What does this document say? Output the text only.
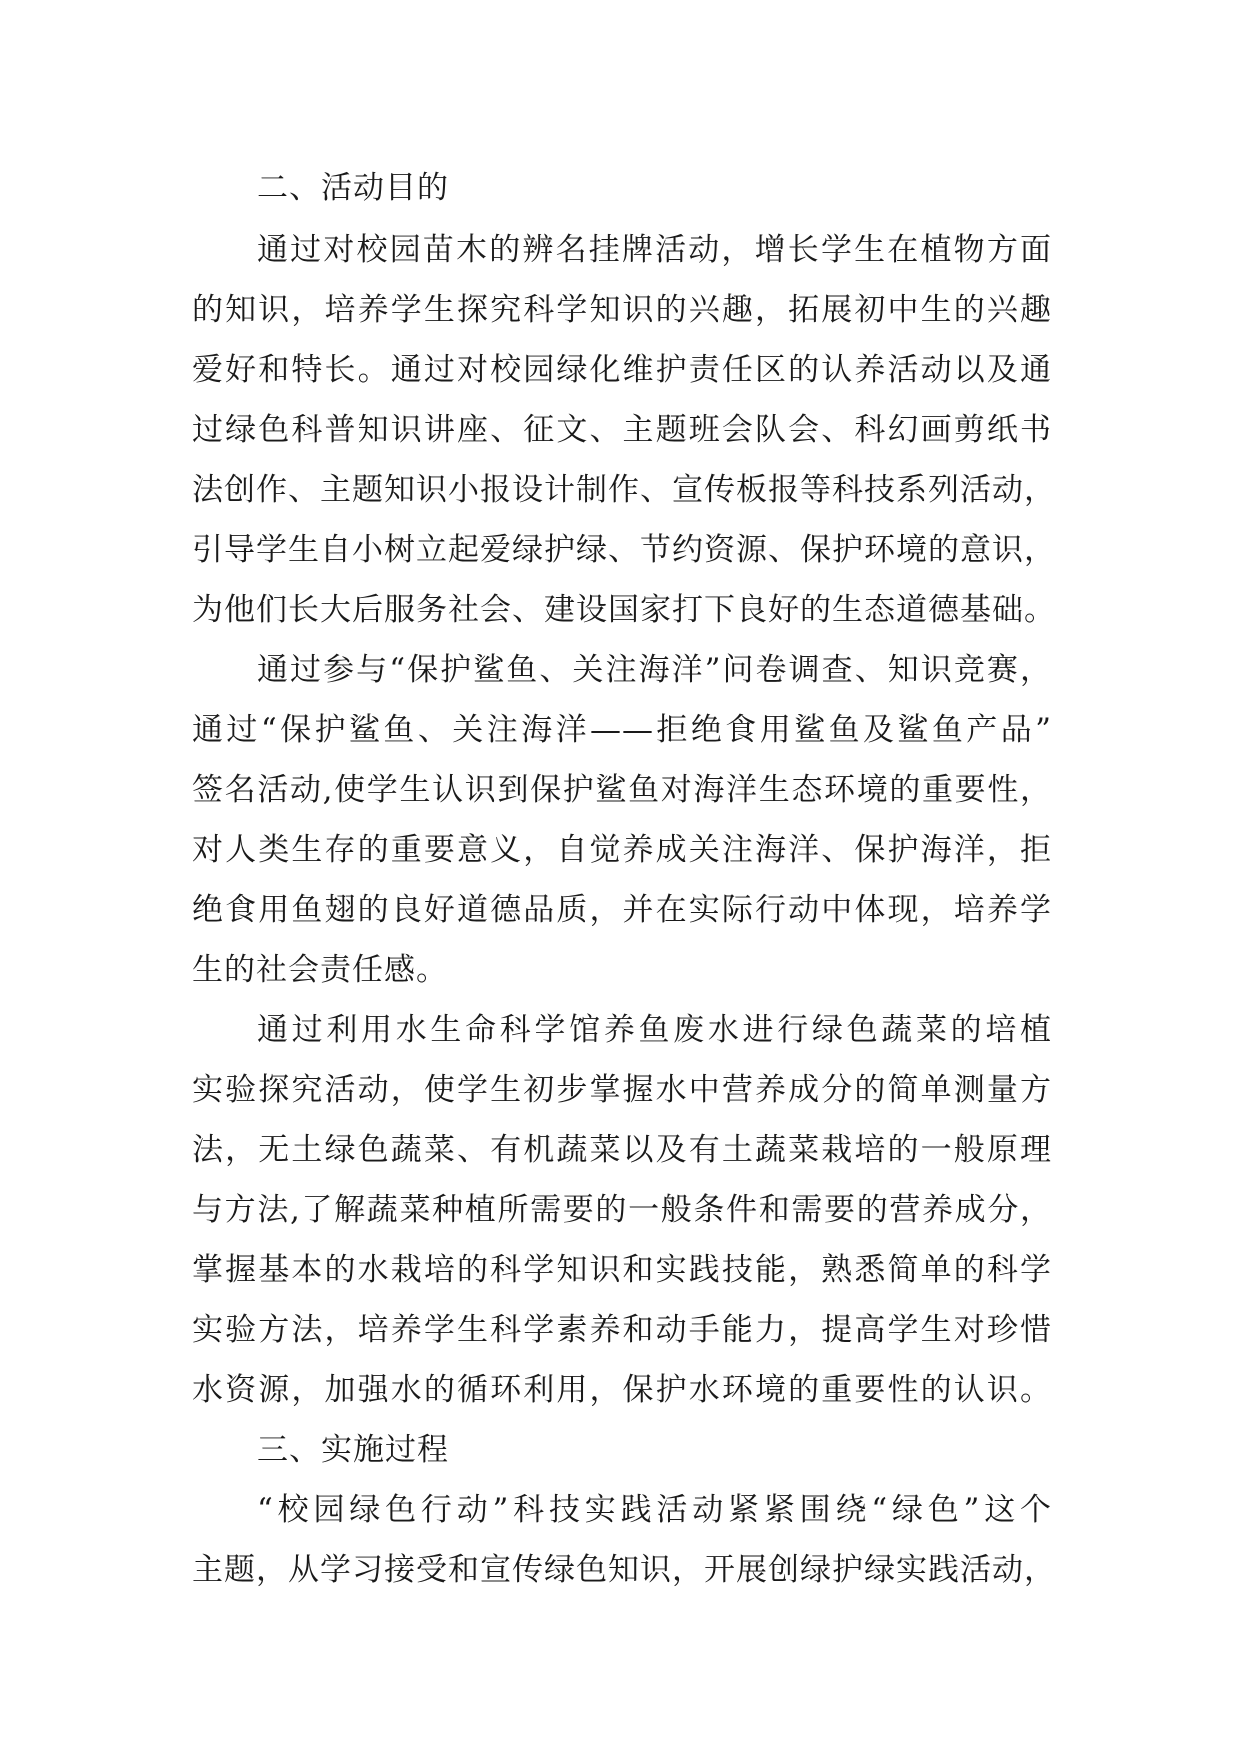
二、活动目的
通过对校园苗木的辨名挂牌活动，增长学生在植物方面
的知识，培养学生探究科学知识的兴趣，拓展初中生的兴趣
爱好和特长。通过对校园绿化维护责任区的认养活动以及通
过绿色科普知识讲座、征文、主题班会队会、科幻画剪纸书
法创作、主题知识小报设计制作、宣传板报等科技系列活动，
引导学生自小树立起爱绿护绿、节约资源、保护环境的意识，
为他们长大后服务社会、建设国家打下良好的生态道德基础。
通过参与“保护鲨鱼、关注海洋”问卷调查、知识竞赛，
通过“保护鲨鱼、关注海洋——拒绝食用鲨鱼及鲨鱼产品”
签名活动,使学生认识到保护鲨鱼对海洋生态环境的重要性，
对人类生存的重要意义，自觉养成关注海洋、保护海洋，拒
绝食用鱼翅的良好道德品质，并在实际行动中体现，培养学
生的社会责任感。
通过利用水生命科学馆养鱼废水进行绿色蔬菜的培植
实验探究活动，使学生初步掌握水中营养成分的简单测量方
法，无土绿色蔬菜、有机蔬菜以及有土蔬菜栽培的一般原理
与方法,了解蔬菜种植所需要的一般条件和需要的营养成分，
掌握基本的水栽培的科学知识和实践技能，熟悉简单的科学
实验方法，培养学生科学素养和动手能力，提高学生对珍惜
水资源，加强水的循环利用，保护水环境的重要性的认识。
三、实施过程
“校园绿色行动”科技实践活动紧紧围绕“绿色”这个
主题，从学习接受和宣传绿色知识，开展创绿护绿实践活动，
